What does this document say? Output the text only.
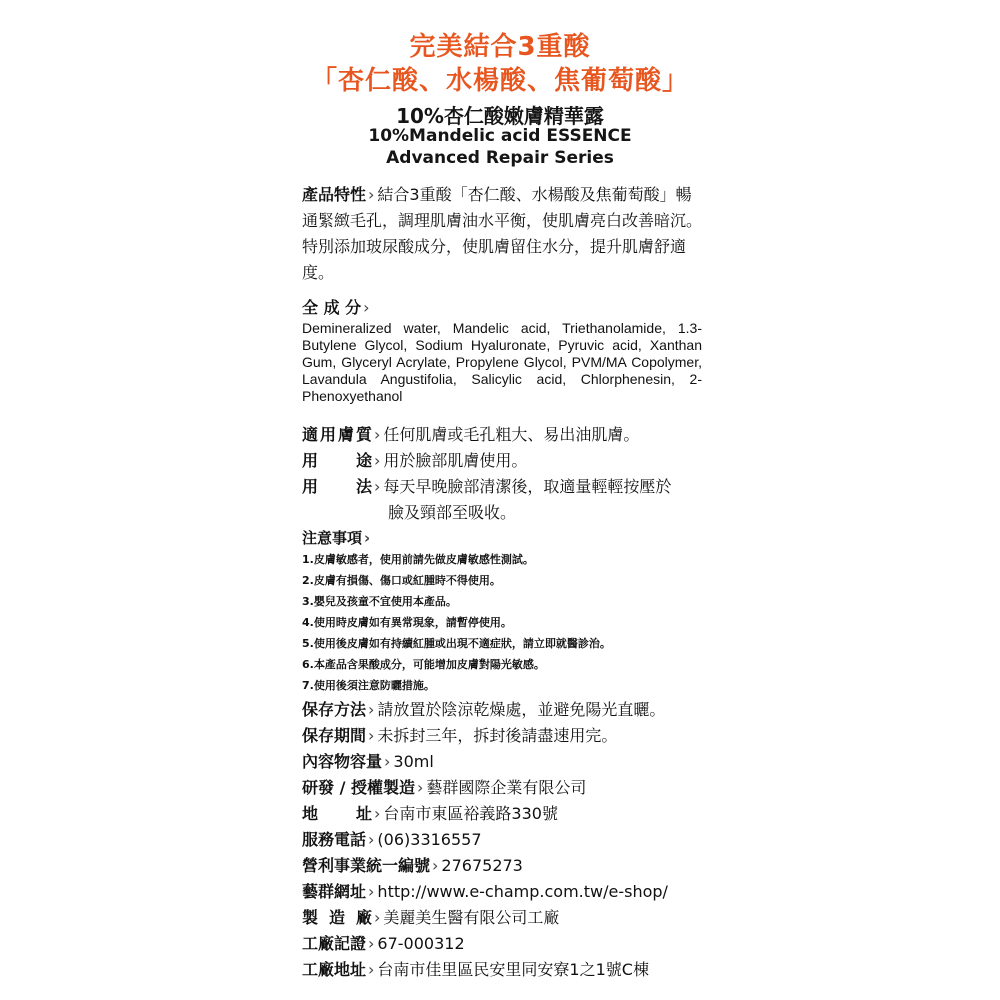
完美結合3重酸
「杏仁酸、水楊酸、焦葡萄酸」
10%杏仁酸嫩膚精華露
10%Mandelic acid ESSENCE
Advanced Repair Series
產品特性 › 結合3重酸「杏仁酸、水楊酸及焦葡萄酸」暢通緊緻毛孔，調理肌膚油水平衡，使肌膚亮白改善暗沉。特別添加玻尿酸成分，使肌膚留住水分，提升肌膚舒適度。
全 成 分 ›
Demineralized water, Mandelic acid, Triethanolamide, 1.3-Butylene Glycol, Sodium Hyaluronate, Pyruvic acid, Xanthan Gum, Glyceryl Acrylate, Propylene Glycol, PVM/MA Copolymer, Lavandula Angustifolia, Salicylic acid, Chlorphenesin, 2-Phenoxyethanol
適用膚質 › 任何肌膚或毛孔粗大、易出油肌膚。
用　　途 › 用於臉部肌膚使用。
用　　法 › 每天早晚臉部清潔後，取適量輕輕按壓於
臉及頸部至吸收。
注意事項 ›
1.皮膚敏感者，使用前請先做皮膚敏感性測試。
2.皮膚有損傷、傷口或紅腫時不得使用。
3.嬰兒及孩童不宜使用本產品。
4.使用時皮膚如有異常現象，請暫停使用。
5.使用後皮膚如有持續紅腫或出現不適症狀，請立即就醫診治。
6.本產品含果酸成分，可能增加皮膚對陽光敏感。
7.使用後須注意防曬措施。
保存方法 › 請放置於陰涼乾燥處，並避免陽光直曬。
保存期間 › 未拆封三年，拆封後請盡速用完。
內容物容量 › 30ml
研發 / 授權製造 › 藝群國際企業有限公司
地　　址 › 台南市東區裕義路330號
服務電話 › (06)3316557
營利事業統一編號 › 27675273
藝群網址 › http://www.e-champ.com.tw/e-shop/
製 造 廠 › 美麗美生醫有限公司工廠
工廠記證 › 67-000312
工廠地址 › 台南市佳里區民安里同安寮1之1號C棟
